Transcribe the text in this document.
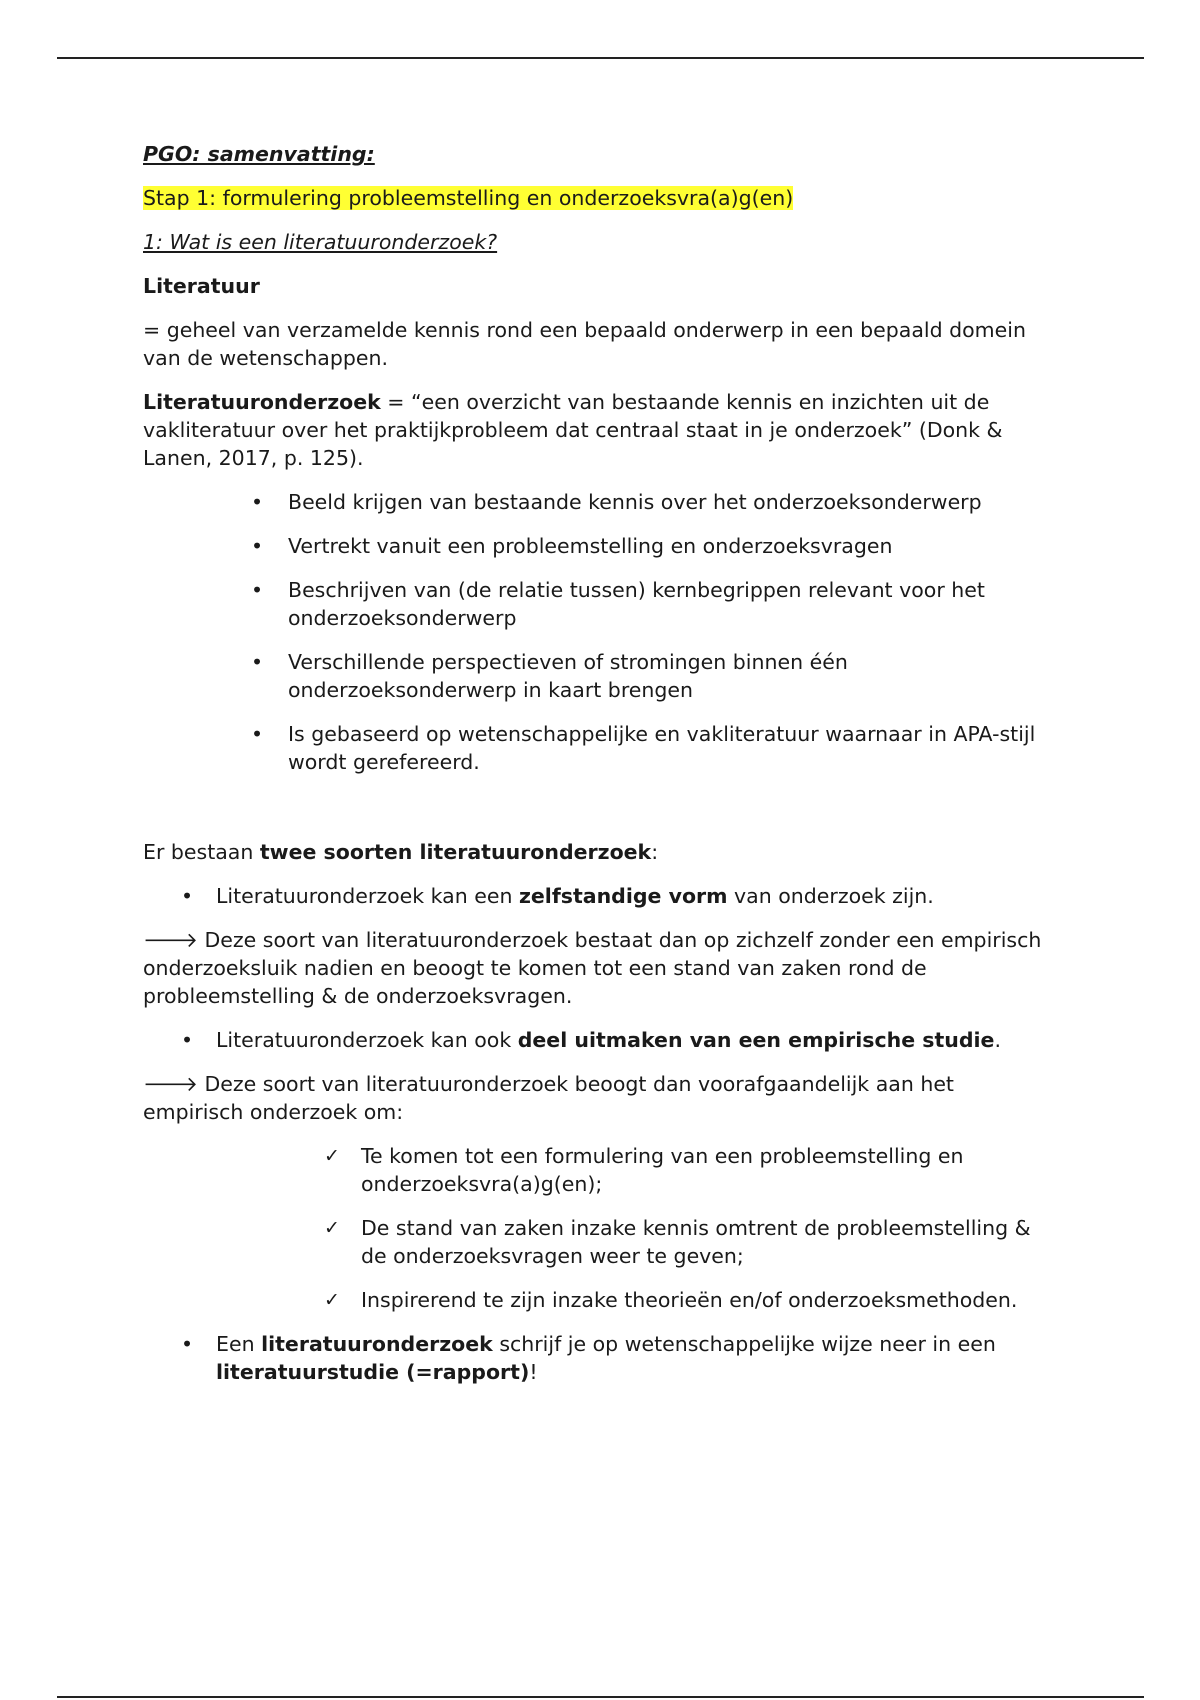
PGO: samenvatting:

Stap 1: formulering probleemstelling en onderzoeksvra(a)g(en)

1: Wat is een literatuuronderzoek?

Literatuur

= geheel van verzamelde kennis rond een bepaald onderwerp in een bepaald domein van de wetenschappen.

Literatuuronderzoek = “een overzicht van bestaande kennis en inzichten uit de vakliteratuur over het praktijkprobleem dat centraal staat in je onderzoek” (Donk & Lanen, 2017, p. 125).

• Beeld krijgen van bestaande kennis over het onderzoeksonderwerp
• Vertrekt vanuit een probleemstelling en onderzoeksvragen
• Beschrijven van (de relatie tussen) kernbegrippen relevant voor het onderzoeksonderwerp
• Verschillende perspectieven of stromingen binnen één onderzoeksonderwerp in kaart brengen
• Is gebaseerd op wetenschappelijke en vakliteratuur waarnaar in APA-stijl wordt gerefereerd.

Er bestaan twee soorten literatuuronderzoek:

• Literatuuronderzoek kan een zelfstandige vorm van onderzoek zijn.

🡒 Deze soort van literatuuronderzoek bestaat dan op zichzelf zonder een empirisch onderzoeksluik nadien en beoogt te komen tot een stand van zaken rond de probleemstelling & de onderzoeksvragen.

• Literatuuronderzoek kan ook deel uitmaken van een empirische studie.

🡒 Deze soort van literatuuronderzoek beoogt dan voorafgaandelijk aan het empirisch onderzoek om:

✓ Te komen tot een formulering van een probleemstelling en onderzoeksvra(a)g(en);
✓ De stand van zaken inzake kennis omtrent de probleemstelling & de onderzoeksvragen weer te geven;
✓ Inspirerend te zijn inzake theorieën en/of onderzoeksmethoden.
• Een literatuuronderzoek schrijf je op wetenschappelijke wijze neer in een literatuurstudie (=rapport)!
